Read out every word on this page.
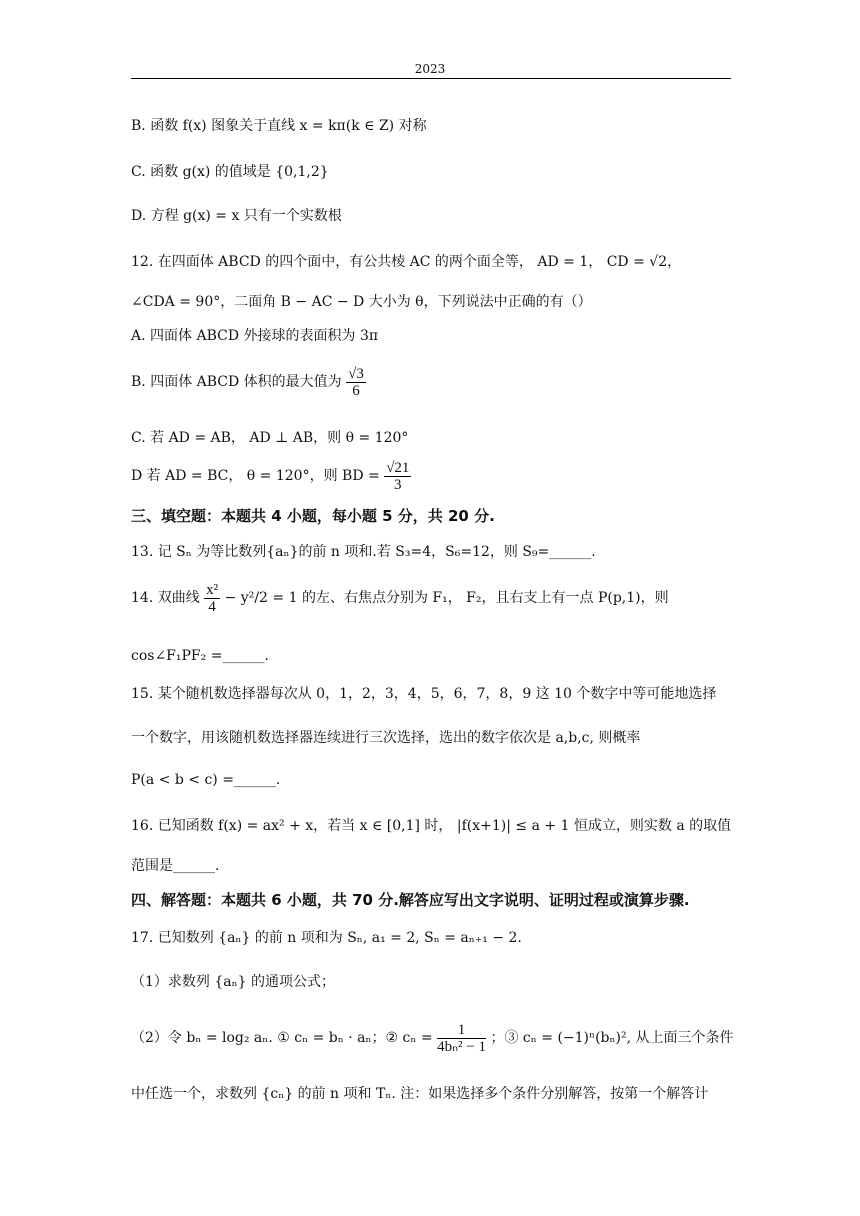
2023
B. 函数 f(x) 图象关于直线 x = kπ(k ∈ Z) 对称
C. 函数 g(x) 的值域是 {0,1,2}
D. 方程 g(x) = x 只有一个实数根
12. 在四面体 ABCD 的四个面中，有公共棱 AC 的两个面全等， AD = 1， CD = √2，
∠CDA = 90°，二面角 B − AC − D 大小为 θ，下列说法中正确的有（）
A. 四面体 ABCD 外接球的表面积为 3π
B. 四面体 ABCD 体积的最大值为 $\frac{√3}{6}$
C. 若 AD = AB， AD ⊥ AB，则 θ = 120°
D 若 AD = BC， θ = 120°，则 BD = $\frac{√21}{3}$
三、填空题：本题共 4 小题，每小题 5 分，共 20 分.
13. 记 Sₙ 为等比数列{aₙ}的前 n 项和.若 S₃=4，S₆=12，则 S₉=______.
14. 双曲线 $\frac{\text{x²}}{4} - y^2/2 = 1$ 的左、右焦点分别为 F₁， F₂，且右支上有一点 P(p,1)，则
cos∠F₁PF₂ =______.
15. 某个随机数选择器每次从 0，1，2，3，4，5，6，7，8，9 这 10 个数字中等可能地选择
一个数字，用该随机数选择器连续进行三次选择，选出的数字依次是 a,b,c, 则概率
P(a < b < c) =______.
16. 已知函数 f(x) = ax² + x，若当 x ∈ [0,1] 时， |f(x+1)| ≤ a + 1 恒成立，则实数 a 的取值
范围是______.
四、解答题：本题共 6 小题，共 70 分.解答应写出文字说明、证明过程或演算步骤.
17. 已知数列 {aₙ} 的前 n 项和为 Sₙ, a₁ = 2, Sₙ = aₙ₊₁ − 2.
（1）求数列 {aₙ} 的通项公式；
（2）令 bₙ = log₂ aₙ. ① cₙ = bₙ · aₙ；② $c_n = \frac{1}{\text{4bₙ² − 1}}$ ；③ cₙ = (−1)ⁿ(bₙ)², 从上面三个条件
中任选一个，求数列 {cₙ} 的前 n 项和 Tₙ. 注：如果选择多个条件分别解答，按第一个解答计
